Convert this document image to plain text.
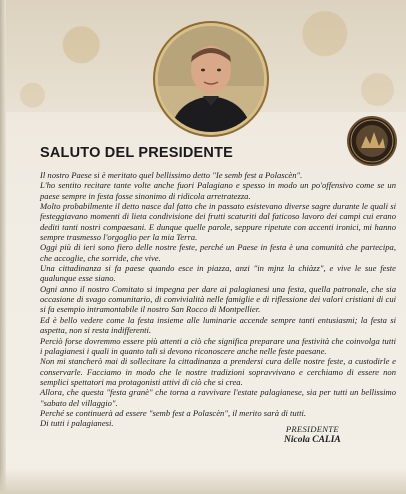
SALUTO DEL PRESIDENTE

Il nostro Paese si è meritato quel bellissimo detto "Ie semb fest a Polascèn".

L'ho sentito recitare tante volte anche fuori Palagiano e spesso in modo un po'offensivo come se un paese sempre in festa fosse sinonimo di ridicola arretratezza.

Molto probabilmente il detto nasce dal fatto che in passato esistevano diverse sagre durante le quali si festeggiavano momenti di lieta condivisione dei frutti scaturiti dal faticoso lavoro dei campi cui erano dediti tanti nostri compaesani. E dunque quelle parole, seppure ripetute con accenti ironici, mi hanno sempre trasmesso l'orgoglio per la mia Terra.

Oggi più di ieri sono fiero delle nostre feste, perché un Paese in festa è una comunità che partecipa, che accoglie, che sorride, che vive.

Una cittadinanza si fa paese quando esce in piazza, anzi "in mjnz la chiàzz", e vive le sue feste qualunque esse siano.

Ogni anno il nostro Comitato si impegna per dare ai palagianesi una festa, quella patronale, che sia occasione di svago comunitario, di convivialità nelle famiglie e di riflessione dei valori cristiani di cui si fa esempio intramontabile il nostro San Rocco di Montpellier.

Ed è bello vedere come la festa insieme alle luminarie accende sempre tanti entusiasmi; la festa si aspetta, non si resta indifferenti.

Perciò forse dovremmo essere più attenti a ciò che significa preparare una festività che coinvolga tutti i palagianesi i quali in quanto tali si devono riconoscere anche nelle feste paesane.

Non mi stancherò mai di sollecitare la cittadinanza a prendersi cura delle nostre feste, a custodirle e conservarle. Facciamo in modo che le nostre tradizioni sopravvivano e cerchiamo di essere non semplici spettatori ma protagonisti attivi di ciò che si crea.

Allora, che questa "festa granè" che torna a ravvivare l'estate palagianese, sia per tutti un bellissimo "sabato del villaggio".

Perché se continuerà ad essere "semb fest a Polascèn", il merito sarà di tutti.

Di tutti i palagianesi.

PRESIDENTE
Nicola CALIA
